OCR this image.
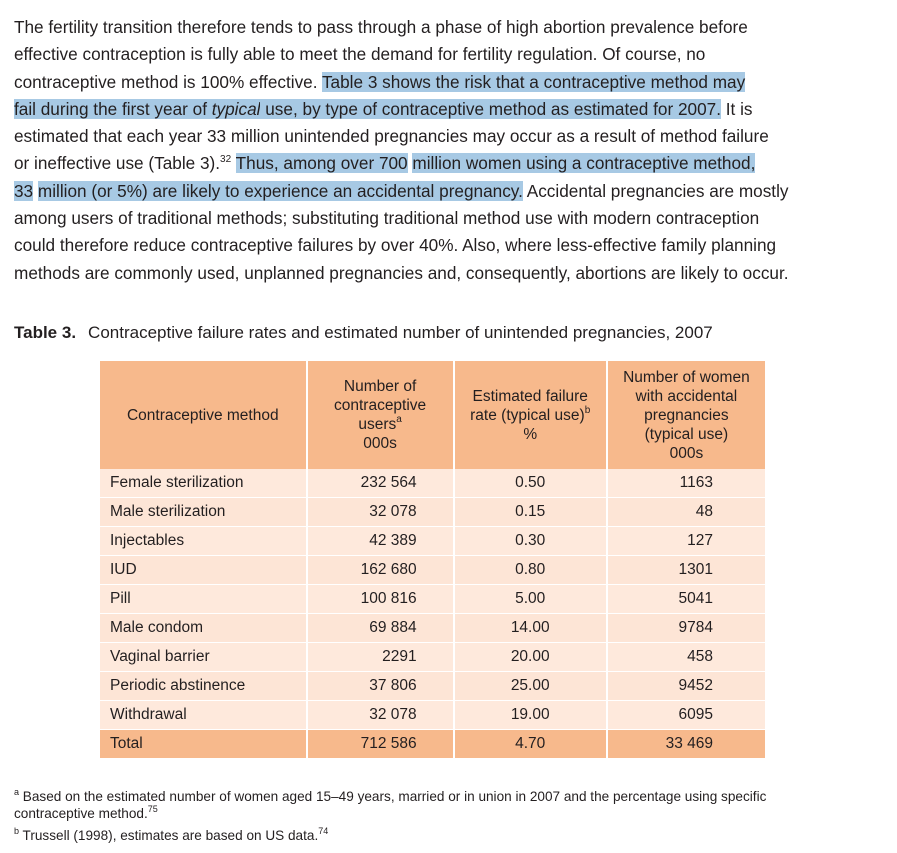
The fertility transition therefore tends to pass through a phase of high abortion prevalence before
effective contraception is fully able to meet the demand for fertility regulation. Of course, no
contraceptive method is 100% effective. Table 3 shows the risk that a contraceptive method may
fail during the first year of typical use, by type of contraceptive method as estimated for 2007. It is
estimated that each year 33 million unintended pregnancies may occur as a result of method failure
or ineffective use (Table 3).$^{32}$ Thus, among over 700 million women using a contraceptive method,
33 million (or 5%) are likely to experience an accidental pregnancy. Accidental pregnancies are mostly
among users of traditional methods; substituting traditional method use with modern contraception
could therefore reduce contraceptive failures by over 40%. Also, where less-effective family planning
methods are commonly used, unplanned pregnancies and, consequently, abortions are likely to occur.
Table 3. Contraceptive failure rates and estimated number of unintended pregnancies, 2007
Contraceptive method	Number of
contraceptive
users$^a$
000s	Estimated failure
rate (typical use)$^b$
%	Number of women
with accidental
pregnancies
(typical use)
000s
Female sterilization	232 564	0.50	1163
Male sterilization	32 078	0.15	48
Injectables	42 389	0.30	127
IUD	162 680	0.80	1301
Pill	100 816	5.00	5041
Male condom	69 884	14.00	9784
Vaginal barrier	2291	20.00	458
Periodic abstinence	37 806	25.00	9452
Withdrawal	32 078	19.00	6095
Total	712 586	4.70	33 469
$^a$ Based on the estimated number of women aged 15–49 years, married or in union in 2007 and the percentage using specific
contraceptive method.$^{75}$
$^b$ Trussell (1998), estimates are based on US data.$^{74}$
